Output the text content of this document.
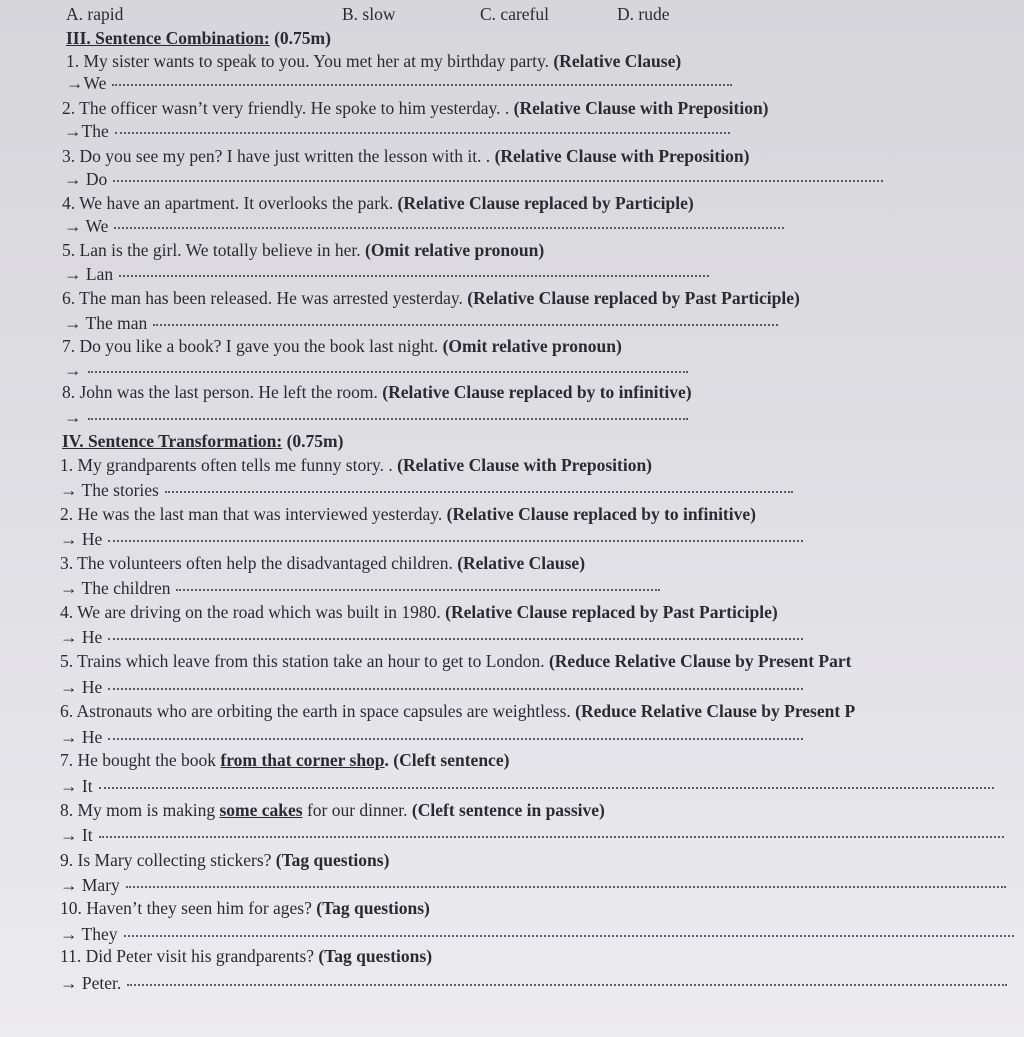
A. rapid	B. slow	C. careful	D. rude
III. Sentence Combination: (0.75m)
1. My sister wants to speak to you. You met her at my birthday party. (Relative Clause)
→We
2. The officer wasn’t very friendly. He spoke to him yesterday. . (Relative Clause with Preposition)
→The
3. Do you see my pen? I have just written the lesson with it. . (Relative Clause with Preposition)
→ Do
4. We have an apartment. It overlooks the park. (Relative Clause replaced by Participle)
→ We
5. Lan is the girl. We totally believe in her. (Omit relative pronoun)
→ Lan
6. The man has been released. He was arrested yesterday. (Relative Clause replaced by Past Participle)
→ The man
7. Do you like a book? I gave you the book last night. (Omit relative pronoun)
→
8. John was the last person. He left the room. (Relative Clause replaced by to infinitive)
→
IV. Sentence Transformation: (0.75m)
1. My grandparents often tells me funny story. . (Relative Clause with Preposition)
→ The stories
2. He was the last man that was interviewed yesterday. (Relative Clause replaced by to infinitive)
→ He
3. The volunteers often help the disadvantaged children. (Relative Clause)
→ The children
4. We are driving on the road which was built in 1980. (Relative Clause replaced by Past Participle)
→ He
5. Trains which leave from this station take an hour to get to London. (Reduce Relative Clause by Present Part
→ He
6. Astronauts who are orbiting the earth in space capsules are weightless. (Reduce Relative Clause by Present P
→ He
7. He bought the book from that corner shop. (Cleft sentence)
→ It
8. My mom is making some cakes for our dinner. (Cleft sentence in passive)
→ It
9. Is Mary collecting stickers? (Tag questions)
→ Mary
10. Haven’t they seen him for ages? (Tag questions)
→ They
11. Did Peter visit his grandparents? (Tag questions)
→ Peter.
